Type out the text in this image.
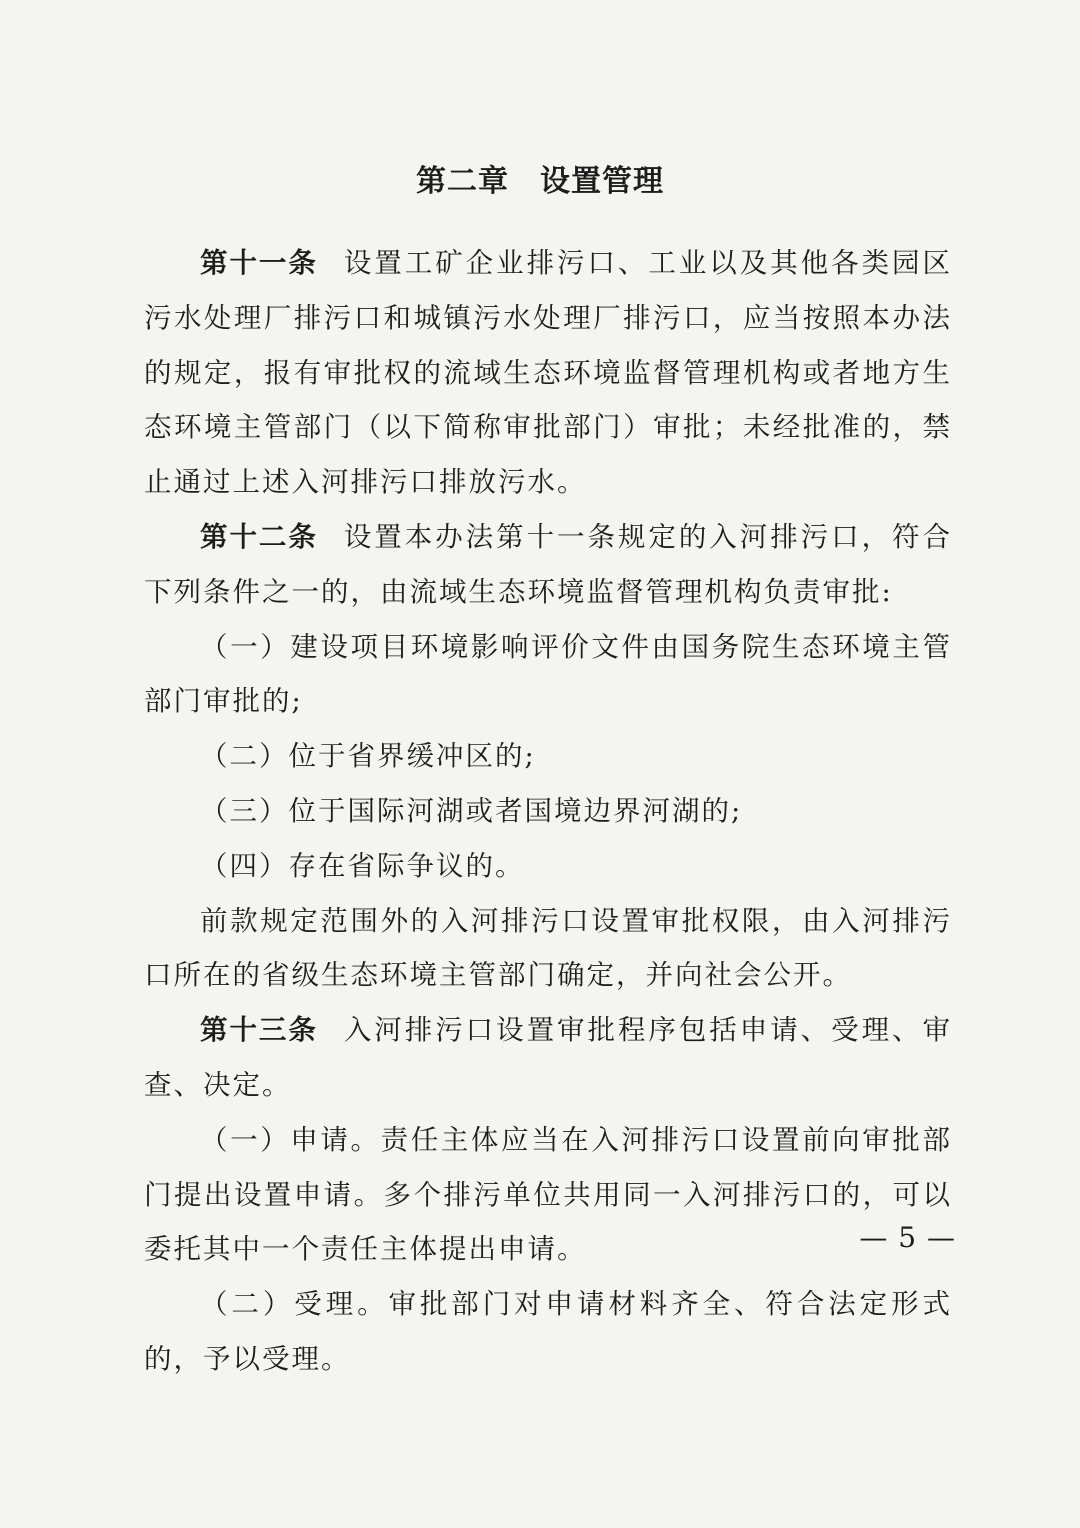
第二章　设置管理

第十一条 设置工矿企业排污口、工业以及其他各类园区污水处理厂排污口和城镇污水处理厂排污口，应当按照本办法的规定，报有审批权的流域生态环境监督管理机构或者地方生态环境主管部门（以下简称审批部门）审批；未经批准的，禁止通过上述入河排污口排放污水。

第十二条 设置本办法第十一条规定的入河排污口，符合下列条件之一的，由流域生态环境监督管理机构负责审批:

（一）建设项目环境影响评价文件由国务院生态环境主管部门审批的;

（二）位于省界缓冲区的;

（三）位于国际河湖或者国境边界河湖的;

（四）存在省际争议的。

前款规定范围外的入河排污口设置审批权限，由入河排污口所在的省级生态环境主管部门确定，并向社会公开。

第十三条 入河排污口设置审批程序包括申请、受理、审查、决定。

（一）申请。责任主体应当在入河排污口设置前向审批部门提出设置申请。多个排污单位共用同一入河排污口的，可以委托其中一个责任主体提出申请。

（二）受理。审批部门对申请材料齐全、符合法定形式的，予以受理。

— 5 —
